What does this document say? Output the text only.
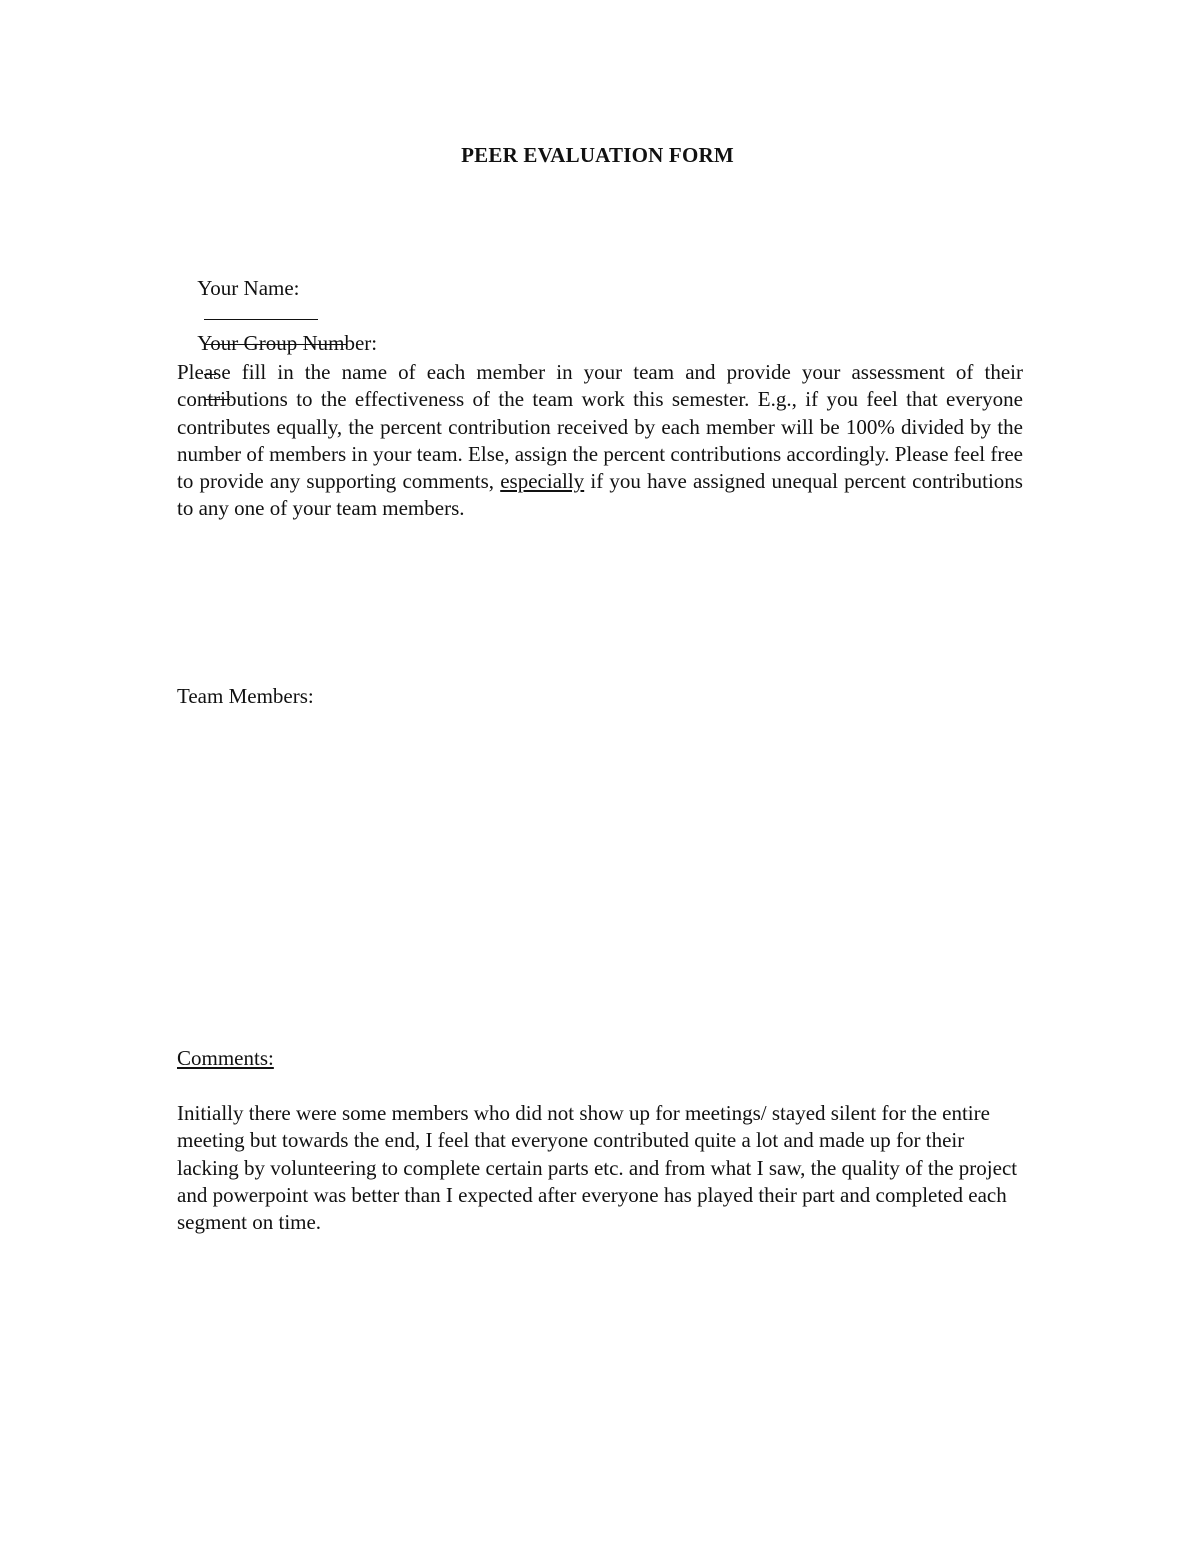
PEER EVALUATION FORM

Your Name:

Your Group Number:

Please fill in the name of each member in your team and provide your assessment of their contributions to the effectiveness of the team work this semester. E.g., if you feel that everyone contributes equally, the percent contribution received by each member will be 100% divided by the number of members in your team. Else, assign the percent contributions accordingly. Please feel free to provide any supporting comments, especially if you have assigned unequal percent contributions to any one of your team members.
Team Members:
Comments:
Initially there were some members who did not show up for meetings/ stayed silent for the entire meeting but towards the end, I feel that everyone contributed quite a lot and made up for their lacking by volunteering to complete certain parts etc. and from what I saw, the quality of the project and powerpoint was better than I expected after everyone has played their part and completed each segment on time.
